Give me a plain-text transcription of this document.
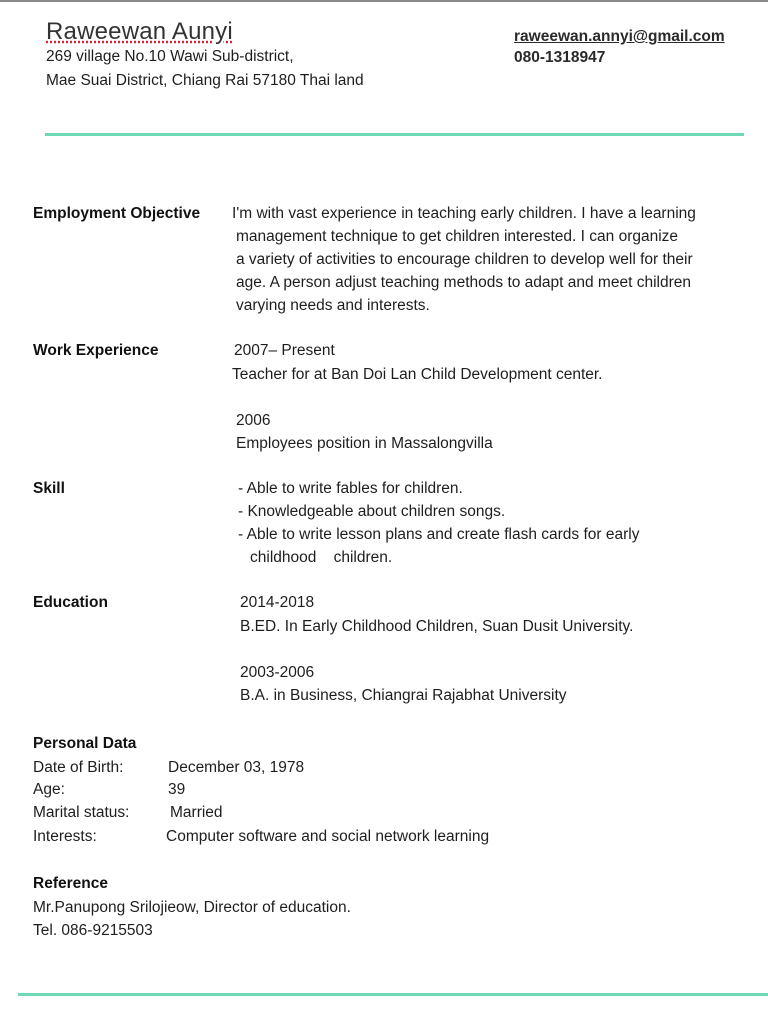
Raweewan Aunyi
269 village No.10 Wawi Sub-district,
Mae Suai District, Chiang Rai 57180 Thai land
raweewan.annyi@gmail.com
080-1318947
Employment Objective I'm with vast experience in teaching early children. I have a learning
management technique to get children interested. I can organize
a variety of activities to encourage children to develop well for their
age. A person adjust teaching methods to adapt and meet children
varying needs and interests.
Work Experience	2007– Present
Teacher for at Ban Doi Lan Child Development center.
2006
Employees position in Massalongvilla
Skill	- Able to write fables for children.
- Knowledgeable about children songs.
- Able to write lesson plans and create flash cards for early
childhood    children.
Education	2014-2018
B.ED. In Early Childhood Children, Suan Dusit University.
2003-2006
B.A. in Business, Chiangrai Rajabhat University
Personal Data
Date of Birth:	December 03, 1978
Age:	39
Marital status:	Married
Interests:	Computer software and social network learning
Reference
Mr.Panupong Srilojieow, Director of education.
Tel. 086-9215503
